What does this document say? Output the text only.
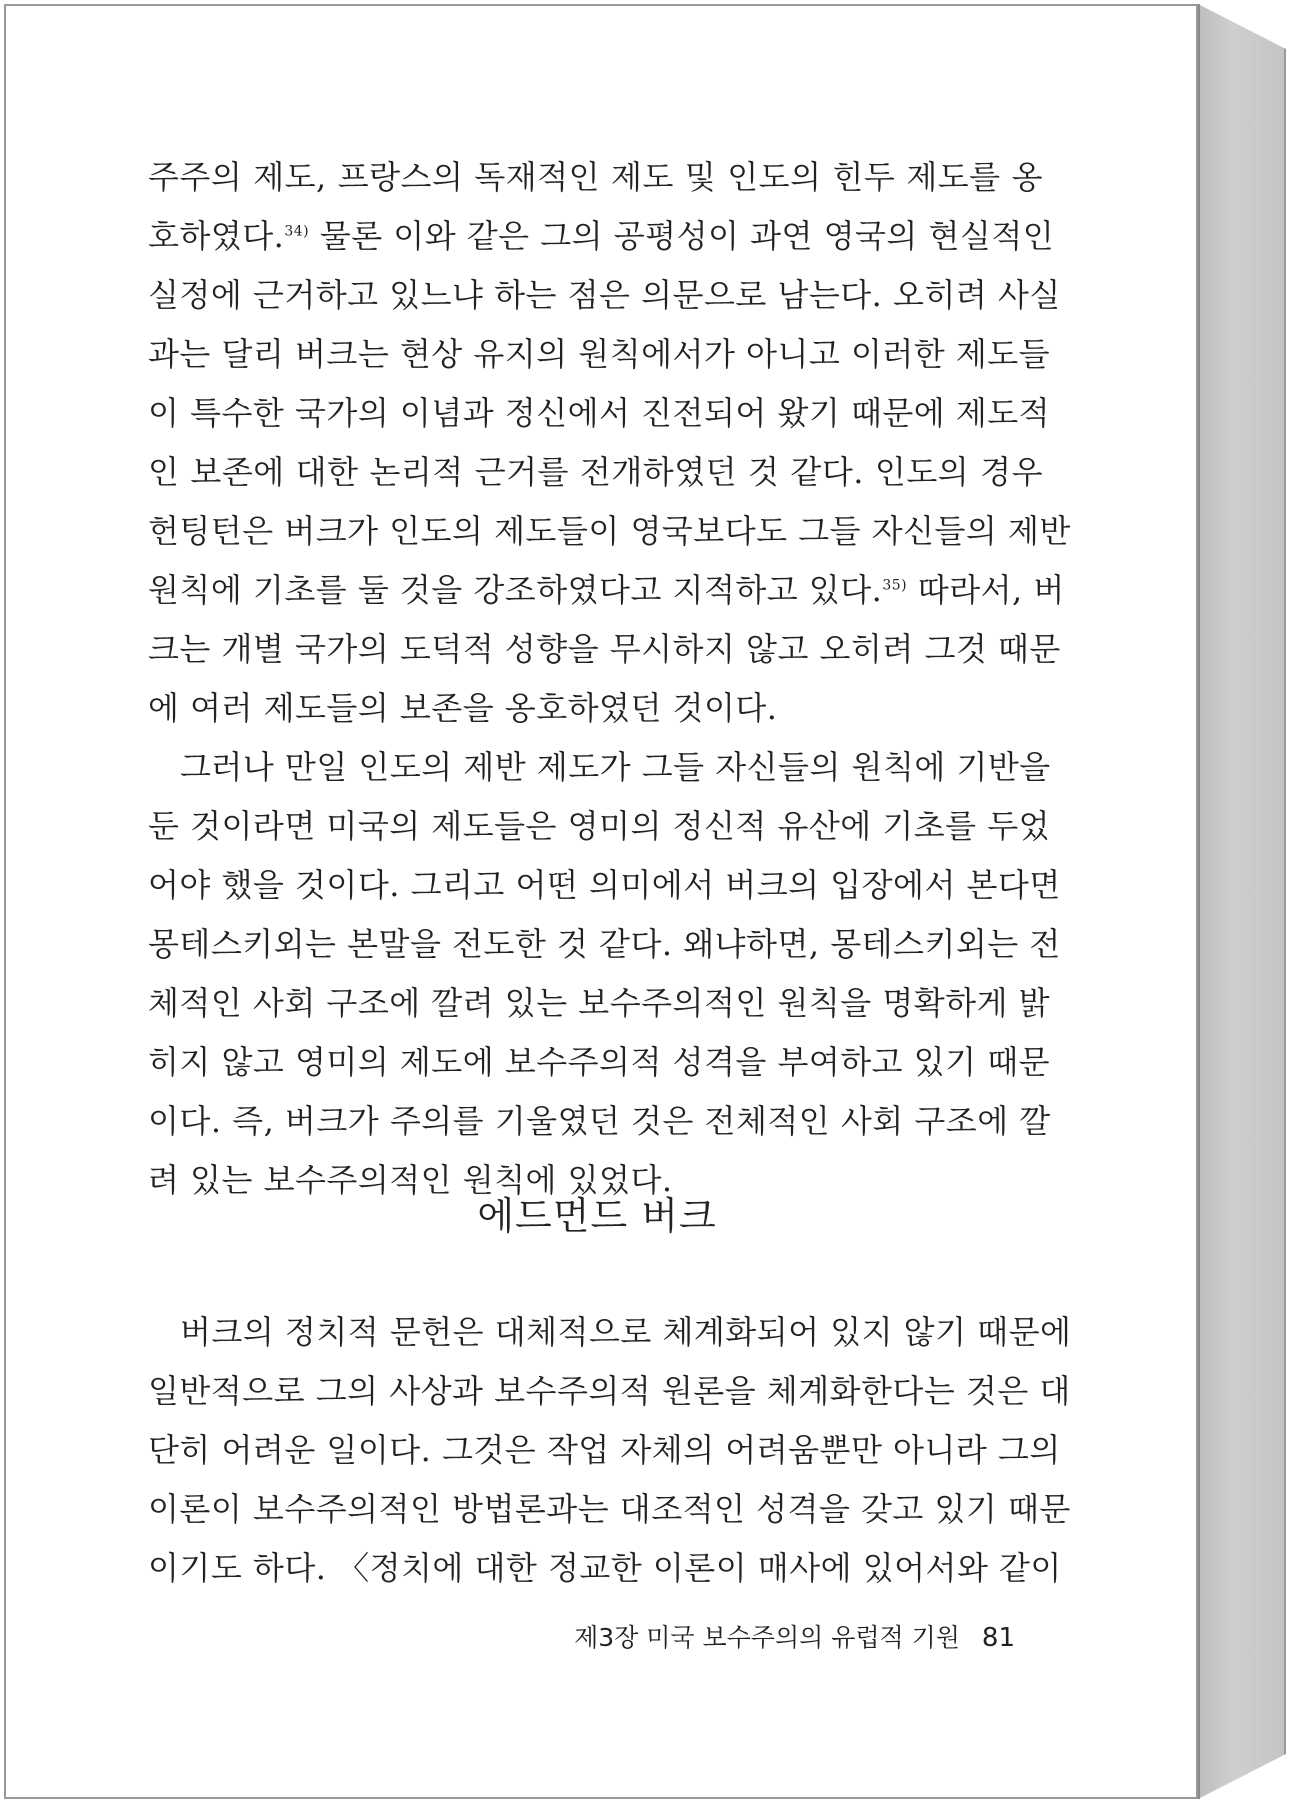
주주의 제도, 프랑스의 독재적인 제도 및 인도의 힌두 제도를 옹
호하였다.$^{34)}$ 물론 이와 같은 그의 공평성이 과연 영국의 현실적인
실정에 근거하고 있느냐 하는 점은 의문으로 남는다. 오히려 사실
과는 달리 버크는 현상 유지의 원칙에서가 아니고 이러한 제도들
이 특수한 국가의 이념과 정신에서 진전되어 왔기 때문에 제도적
인 보존에 대한 논리적 근거를 전개하였던 것 같다. 인도의 경우
헌팅턴은 버크가 인도의 제도들이 영국보다도 그들 자신들의 제반
원칙에 기초를 둘 것을 강조하였다고 지적하고 있다.$^{35)}$ 따라서, 버
크는 개별 국가의 도덕적 성향을 무시하지 않고 오히려 그것 때문
에 여러 제도들의 보존을 옹호하였던 것이다.

그러나 만일 인도의 제반 제도가 그들 자신들의 원칙에 기반을
둔 것이라면 미국의 제도들은 영미의 정신적 유산에 기초를 두었
어야 했을 것이다. 그리고 어떤 의미에서 버크의 입장에서 본다면
몽테스키외는 본말을 전도한 것 같다. 왜냐하면, 몽테스키외는 전
체적인 사회 구조에 깔려 있는 보수주의적인 원칙을 명확하게 밝
히지 않고 영미의 제도에 보수주의적 성격을 부여하고 있기 때문
이다. 즉, 버크가 주의를 기울였던 것은 전체적인 사회 구조에 깔
려 있는 보수주의적인 원칙에 있었다.

에드먼드 버크

버크의 정치적 문헌은 대체적으로 체계화되어 있지 않기 때문에
일반적으로 그의 사상과 보수주의적 원론을 체계화한다는 것은 대
단히 어려운 일이다. 그것은 작업 자체의 어려움뿐만 아니라 그의
이론이 보수주의적인 방법론과는 대조적인 성격을 갖고 있기 때문
이기도 하다. 〈정치에 대한 정교한 이론이 매사에 있어서와 같이

제3장 미국 보수주의의 유럽적 기원 81
